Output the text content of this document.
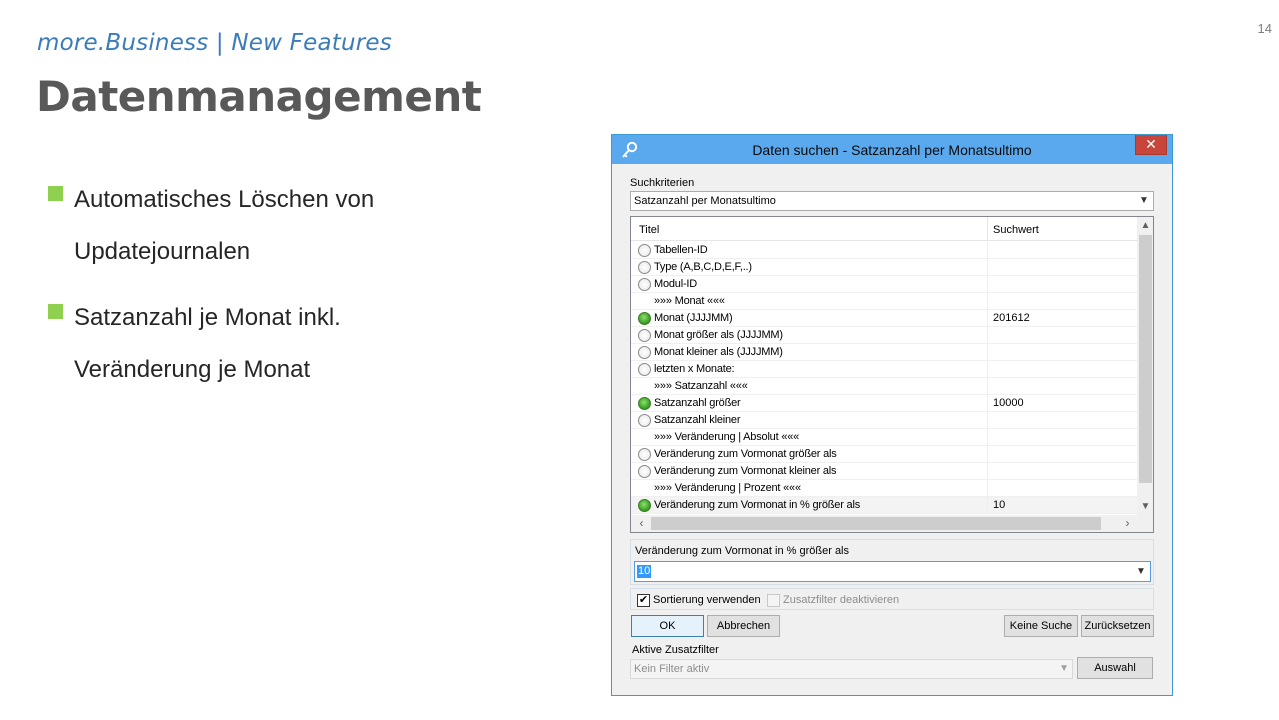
14
more.Business | New Features
Datenmanagement
Automatisches Löschen von
Updatejournalen
Satzanzahl je Monat inkl.
Veränderung je Monat
Daten suchen - Satzanzahl per Monatsultimo	✕
Suchkriterien
Satzanzahl per Monatsultimo	▼
Titel	Suchwert
Tabellen-ID
Type (A,B,C,D,E,F,..)
Modul-ID
»»» Monat «««
Monat (JJJJMM)	201612
Monat größer als (JJJJMM)
Monat kleiner als (JJJJMM)
letzten x Monate:
»»» Satzanzahl «««
Satzanzahl größer	10000
Satzanzahl kleiner
»»» Veränderung | Absolut «««
Veränderung zum Vormonat größer als
Veränderung zum Vormonat kleiner als
»»» Veränderung | Prozent «««
Veränderung zum Vormonat in % größer als	10
▲
▼
‹	›
Veränderung zum Vormonat in % größer als
10	▼
✔ Sortierung verwenden Zusatzfilter deaktivieren
OK	Abbrechen	Keine Suche	Zurücksetzen
Aktive Zusatzfilter
Kein Filter aktiv	▼	Auswahl
